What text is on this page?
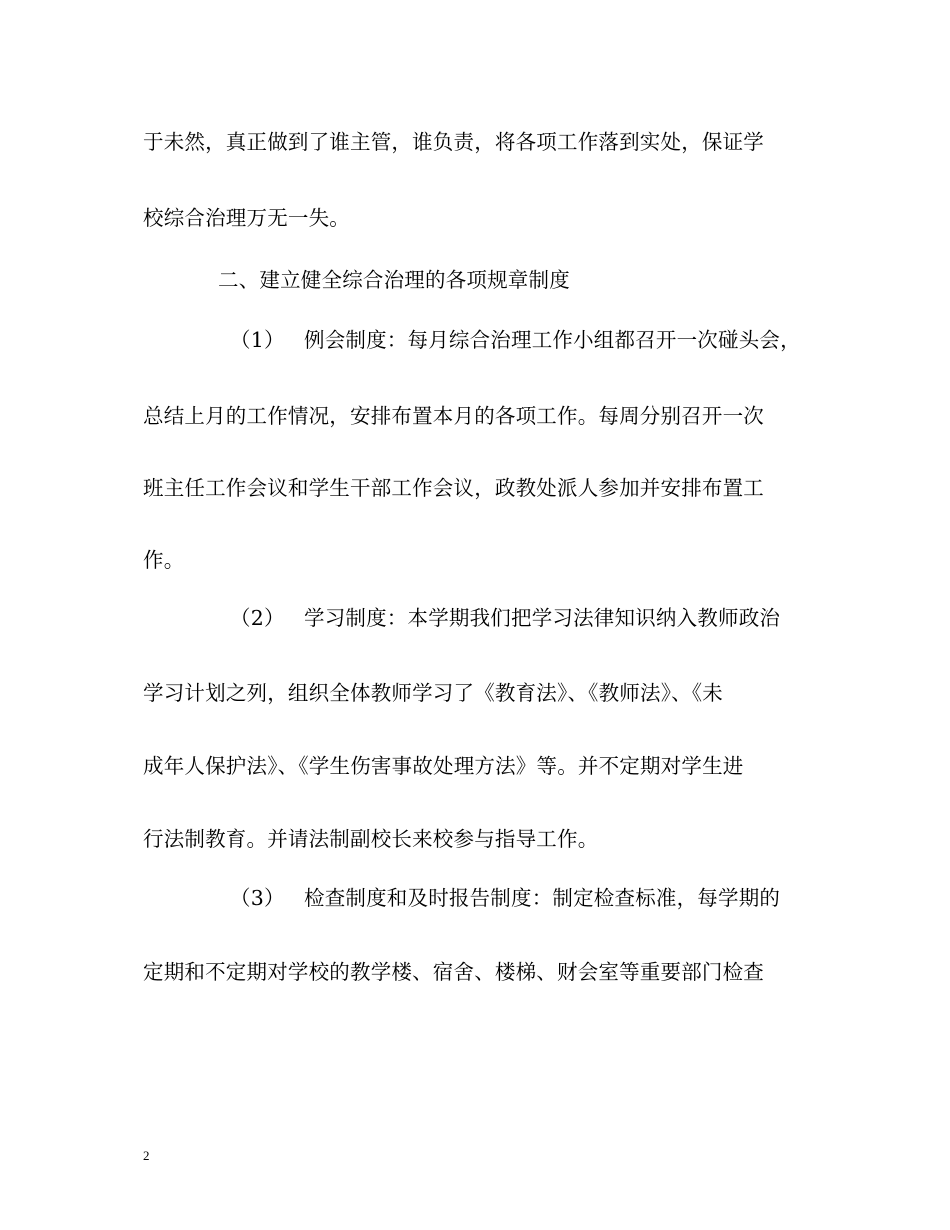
于未然，真正做到了谁主管，谁负责，将各项工作落到实处，保证学
校综合治理万无一失。
二、建立健全综合治理的各项规章制度
（1） 例会制度：每月综合治理工作小组都召开一次碰头会，
总结上月的工作情况，安排布置本月的各项工作。每周分别召开一次
班主任工作会议和学生干部工作会议，政教处派人参加并安排布置工
作。
（2） 学习制度：本学期我们把学习法律知识纳入教师政治
学习计划之列，组织全体教师学习了《教育法》、《教师法》、《未
成年人保护法》、《学生伤害事故处理方法》等。并不定期对学生进
行法制教育。并请法制副校长来校参与指导工作。
（3） 检查制度和及时报告制度：制定检查标准，每学期的
定期和不定期对学校的教学楼、宿舍、楼梯、财会室等重要部门检查
2
